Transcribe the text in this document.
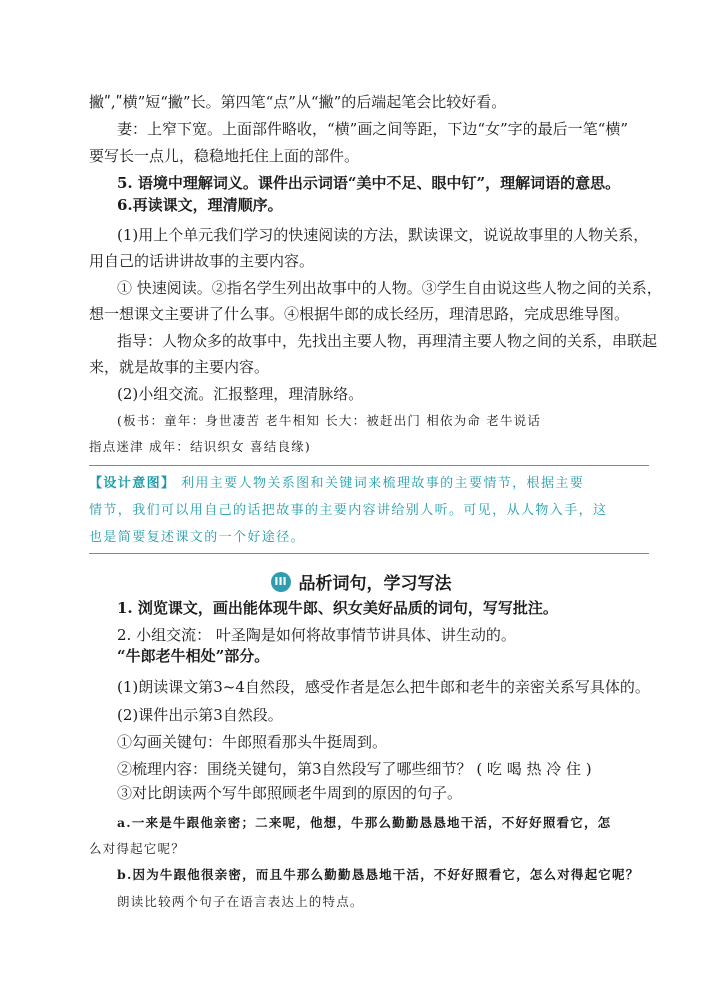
撇ʺ,ʺ横”短“撇”长。第四笔“点”从“撇”的后端起笔会比较好看。
妻：上窄下宽。上面部件略收，“横”画之间等距，下边“女”字的最后一笔“横”
要写长一点儿，稳稳地托住上面的部件。
5. 语境中理解词义。课件出示词语“美中不足、眼中钉”，理解词语的意思。
6.再读课文，理清顺序。
(1)用上个单元我们学习的快速阅读的方法，默读课文，说说故事里的人物关系，
用自己的话讲讲故事的主要内容。
① 快速阅读。②指名学生列出故事中的人物。③学生自由说这些人物之间的关系，
想一想课文主要讲了什么事。④根据牛郎的成长经历，理清思路，完成思维导图。
指导：人物众多的故事中，先找出主要人物，再理清主要人物之间的关系，串联起
来，就是故事的主要内容。
(2)小组交流。汇报整理，理清脉络。
(板书：童年：身世凄苦 老牛相知 长大：被赶出门 相依为命 老牛说话
指点迷津 成年：结识织女 喜结良缘)
【设计意图】 利用主要人物关系图和关键词来梳理故事的主要情节，根据主要
情节，我们可以用自己的话把故事的主要内容讲给别人听。可见，从人物入手，这
也是简要复述课文的一个好途径。
III 品析词句，学习写法
1. 浏览课文，画出能体现牛郎、织女美好品质的词句，写写批注。
2. 小组交流： 叶圣陶是如何将故事情节讲具体、讲生动的。
“牛郎老牛相处”部分。
(1)朗读课文第3~4自然段，感受作者是怎么把牛郎和老牛的亲密关系写具体的。
(2)课件出示第3自然段。
①勾画关键句：牛郎照看那头牛挺周到。
②梳理内容：围绕关键句，第3自然段写了哪些细节？ ( 吃 喝 热 冷 住 )
③对比朗读两个写牛郎照顾老牛周到的原因的句子。
a.一来是牛跟他亲密；二来呢，他想，牛那么勤勤恳恳地干活，不好好照看它，怎
么对得起它呢？
b.因为牛跟他很亲密，而且牛那么勤勤恳恳地干活，不好好照看它，怎么对得起它呢？
朗读比较两个句子在语言表达上的特点。
